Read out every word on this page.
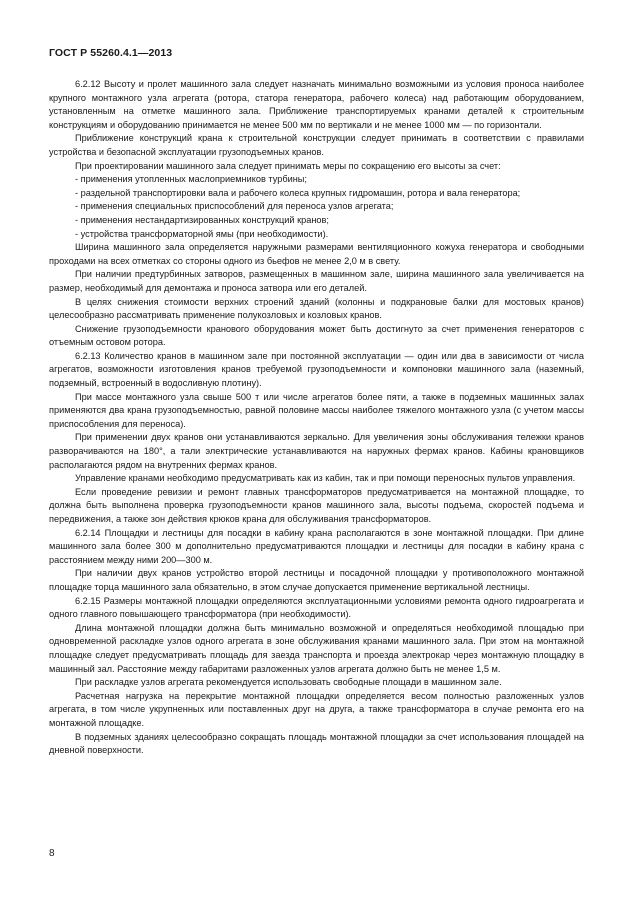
ГОСТ Р 55260.4.1—2013

6.2.12 Высоту и пролет машинного зала следует назначать минимально возможными из условия проноса наиболее крупного монтажного узла агрегата (ротора, статора генератора, рабочего колеса) над работающим оборудованием, установленным на отметке машинного зала. Приближение транспортируемых кранами деталей к строительным конструкциям и оборудованию принимается не менее 500 мм по вертикали и не менее 1000 мм — по горизонтали.

Приближение конструкций крана к строительной конструкции следует принимать в соответствии с правилами устройства и безопасной эксплуатации грузоподъемных кранов.

При проектировании машинного зала следует принимать меры по сокращению его высоты за счет:

- применения утопленных маслоприемников турбины;

- раздельной транспортировки вала и рабочего колеса крупных гидромашин, ротора и вала генератора;

- применения специальных приспособлений для переноса узлов агрегата;

- применения нестандартизированных конструкций кранов;

- устройства трансформаторной ямы (при необходимости).

Ширина машинного зала определяется наружными размерами вентиляционного кожуха генератора и свободными проходами на всех отметках со стороны одного из бьефов не менее 2,0 м в свету.

При наличии предтурбинных затворов, размещенных в машинном зале, ширина машинного зала увеличивается на размер, необходимый для демонтажа и проноса затвора или его деталей.

В целях снижения стоимости верхних строений зданий (колонны и подкрановые балки для мостовых кранов) целесообразно рассматривать применение полукозловых и козловых кранов.

Снижение грузоподъемности кранового оборудования может быть достигнуто за счет применения генераторов с отъемным остовом ротора.

6.2.13 Количество кранов в машинном зале при постоянной эксплуатации — один или два в зависимости от числа агрегатов, возможности изготовления кранов требуемой грузоподъемности и компоновки машинного зала (наземный, подземный, встроенный в водосливную плотину).

При массе монтажного узла свыше 500 т или числе агрегатов более пяти, а также в подземных машинных залах применяются два крана грузоподъемностью, равной половине массы наиболее тяжелого монтажного узла (с учетом массы приспособления для переноса).

При применении двух кранов они устанавливаются зеркально. Для увеличения зоны обслуживания тележки кранов разворачиваются на 180°, а тали электрические устанавливаются на наружных фермах кранов. Кабины крановщиков располагаются рядом на внутренних фермах кранов.

Управление кранами необходимо предусматривать как из кабин, так и при помощи переносных пультов управления.

Если проведение ревизии и ремонт главных трансформаторов предусматривается на монтажной площадке, то должна быть выполнена проверка грузоподъемности кранов машинного зала, высоты подъема, скоростей подъема и передвижения, а также зон действия крюков крана для обслуживания трансформаторов.

6.2.14 Площадки и лестницы для посадки в кабину крана располагаются в зоне монтажной площадки. При длине машинного зала более 300 м дополнительно предусматриваются площадки и лестницы для посадки в кабину крана с расстоянием между ними 200—300 м.

При наличии двух кранов устройство второй лестницы и посадочной площадки у противоположного монтажной площадке торца машинного зала обязательно, в этом случае допускается применение вертикальной лестницы.

6.2.15 Размеры монтажной площадки определяются эксплуатационными условиями ремонта одного гидроагрегата и одного главного повышающего трансформатора (при необходимости).

Длина монтажной площадки должна быть минимально возможной и определяться необходимой площадью при одновременной раскладке узлов одного агрегата в зоне обслуживания кранами машинного зала. При этом на монтажной площадке следует предусматривать площадь для заезда транспорта и проезда электрокар через монтажную площадку в машинный зал. Расстояние между габаритами разложенных узлов агрегата должно быть не менее 1,5 м.

При раскладке узлов агрегата рекомендуется использовать свободные площади в машинном зале.

Расчетная нагрузка на перекрытие монтажной площадки определяется весом полностью разложенных узлов агрегата, в том числе укрупненных или поставленных друг на друга, а также трансформатора в случае ремонта его на монтажной площадке.

В подземных зданиях целесообразно сокращать площадь монтажной площадки за счет использования площадей на дневной поверхности.

8
